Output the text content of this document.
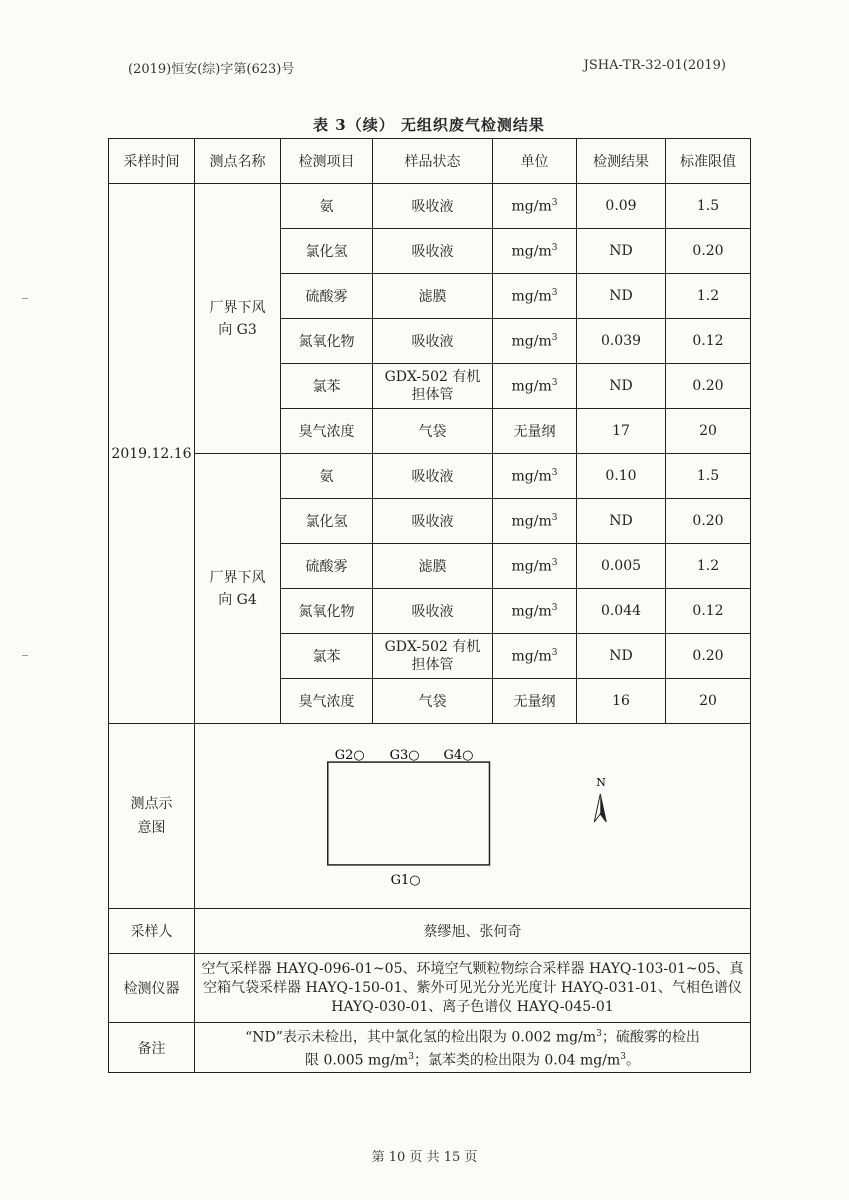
(2019)恒安(综)字第(623)号	JSHA-TR-32-01(2019)
表 3（续） 无组织废气检测结果
采样时间	测点名称	检测项目	样品状态	单位	检测结果	标准限值
2019.12.16	厂界下风向 G3	氨	吸收液	$mg/m^3$	0.09	1.5

		氯化氢	吸收液	$mg/m^3$	ND	0.20

		硫酸雾	滤膜	$mg/m^3$	ND	1.2

		氮氧化物	吸收液	$mg/m^3$	0.039	0.12

		氯苯	GDX-502 有机担体管	$mg/m^3$	ND	0.20

		臭气浓度	气袋	无量纲	17	20

	厂界下风向 G4	氨	吸收液	$mg/m^3$	0.10	1.5

		氯化氢	吸收液	$mg/m^3$	ND	0.20

		硫酸雾	滤膜	$mg/m^3$	0.005	1.2

		氮氧化物	吸收液	$mg/m^3$	0.044	0.12

		氯苯	GDX-502 有机担体管	$mg/m^3$	ND	0.20

		臭气浓度	气袋	无量纲	16	20

测点示意图	G2○ G3○ G4○
G1○
N					

采样人	蔡缪旭、张何奇					
检测仪器	空气采样器 HAYQ-096-01~05、环境空气颗粒物综合采样器 HAYQ-103-01~05、真空箱气袋采样器 HAYQ-150-01、紫外可见光分光光度计 HAYQ-031-01、气相色谱仪 HAYQ-030-01、离子色谱仪 HAYQ-045-01					
备注	“ND”表示未检出，其中氯化氢的检出限为 0.002 $mg/m^3$；硫酸雾的检出
限 0.005 $mg/m^3$；氯苯类的检出限为 0.04 $mg/m^3$。					
第 10 页 共 15 页
